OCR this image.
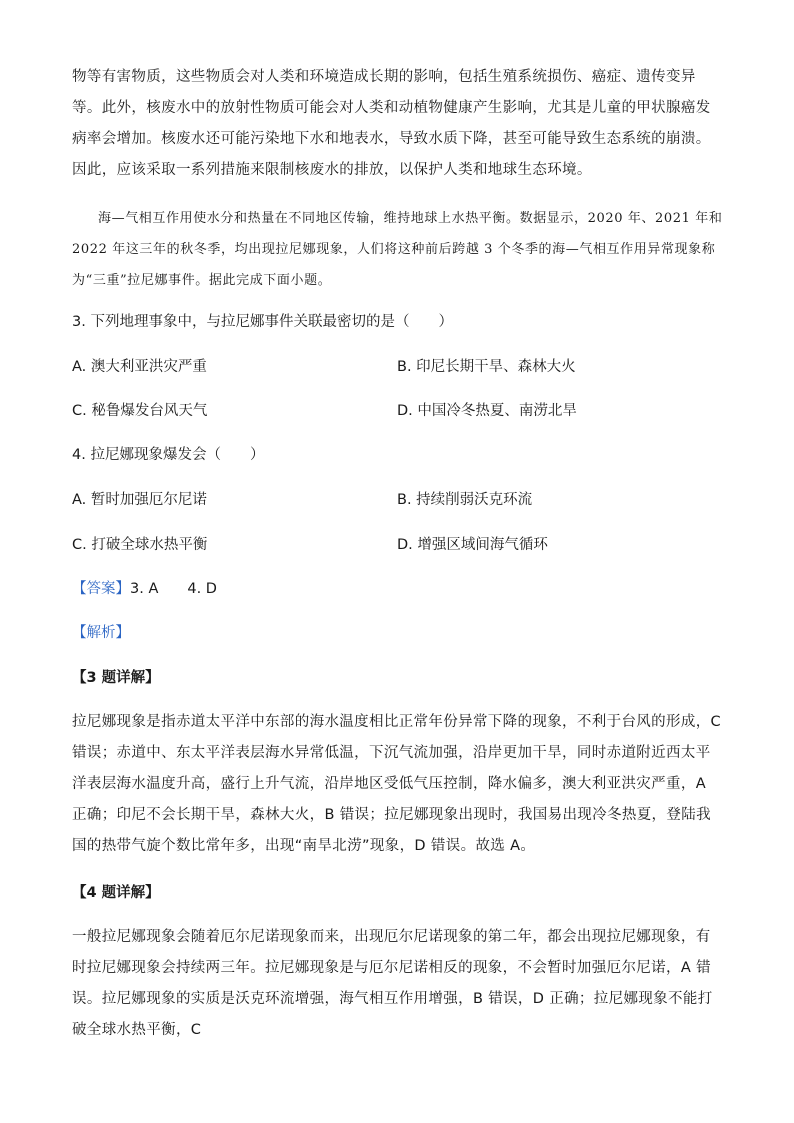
物等有害物质，这些物质会对人类和环境造成长期的影响，包括生殖系统损伤、癌症、遗传变异等。此外，核废水中的放射性物质可能会对人类和动植物健康产生影响，尤其是儿童的甲状腺癌发病率会增加。核废水还可能污染地下水和地表水，导致水质下降，甚至可能导致生态系统的崩溃。因此，应该采取一系列措施来限制核废水的排放，以保护人类和地球生态环境。

海—气相互作用使水分和热量在不同地区传输，维持地球上水热平衡。数据显示，2020 年、2021 年和 2022 年这三年的秋冬季，均出现拉尼娜现象，人们将这种前后跨越 3 个冬季的海—气相互作用异常现象称为“三重”拉尼娜事件。据此完成下面小题。

3. 下列地理事象中，与拉尼娜事件关联最密切的是（　　）

A. 澳大利亚洪灾严重	B. 印尼长期干旱、森林大火

C. 秘鲁爆发台风天气	D. 中国冷冬热夏、南涝北旱

4. 拉尼娜现象爆发会（　　）

A. 暂时加强厄尔尼诺	B. 持续削弱沃克环流

C. 打破全球水热平衡	D. 增强区域间海气循环

【答案】3. A　　4. D

【解析】

【3 题详解】

拉尼娜现象是指赤道太平洋中东部的海水温度相比正常年份异常下降的现象，不利于台风的形成，C 错误；赤道中、东太平洋表层海水异常低温，下沉气流加强，沿岸更加干旱，同时赤道附近西太平洋表层海水温度升高，盛行上升气流，沿岸地区受低气压控制，降水偏多，澳大利亚洪灾严重，A 正确；印尼不会长期干旱，森林大火，B 错误；拉尼娜现象出现时，我国易出现冷冬热夏，登陆我国的热带气旋个数比常年多，出现“南旱北涝”现象，D 错误。故选 A。

【4 题详解】

一般拉尼娜现象会随着厄尔尼诺现象而来，出现厄尔尼诺现象的第二年，都会出现拉尼娜现象，有时拉尼娜现象会持续两三年。拉尼娜现象是与厄尔尼诺相反的现象，不会暂时加强厄尔尼诺，A 错误。拉尼娜现象的实质是沃克环流增强，海气相互作用增强，B 错误，D 正确；拉尼娜现象不能打破全球水热平衡，C
